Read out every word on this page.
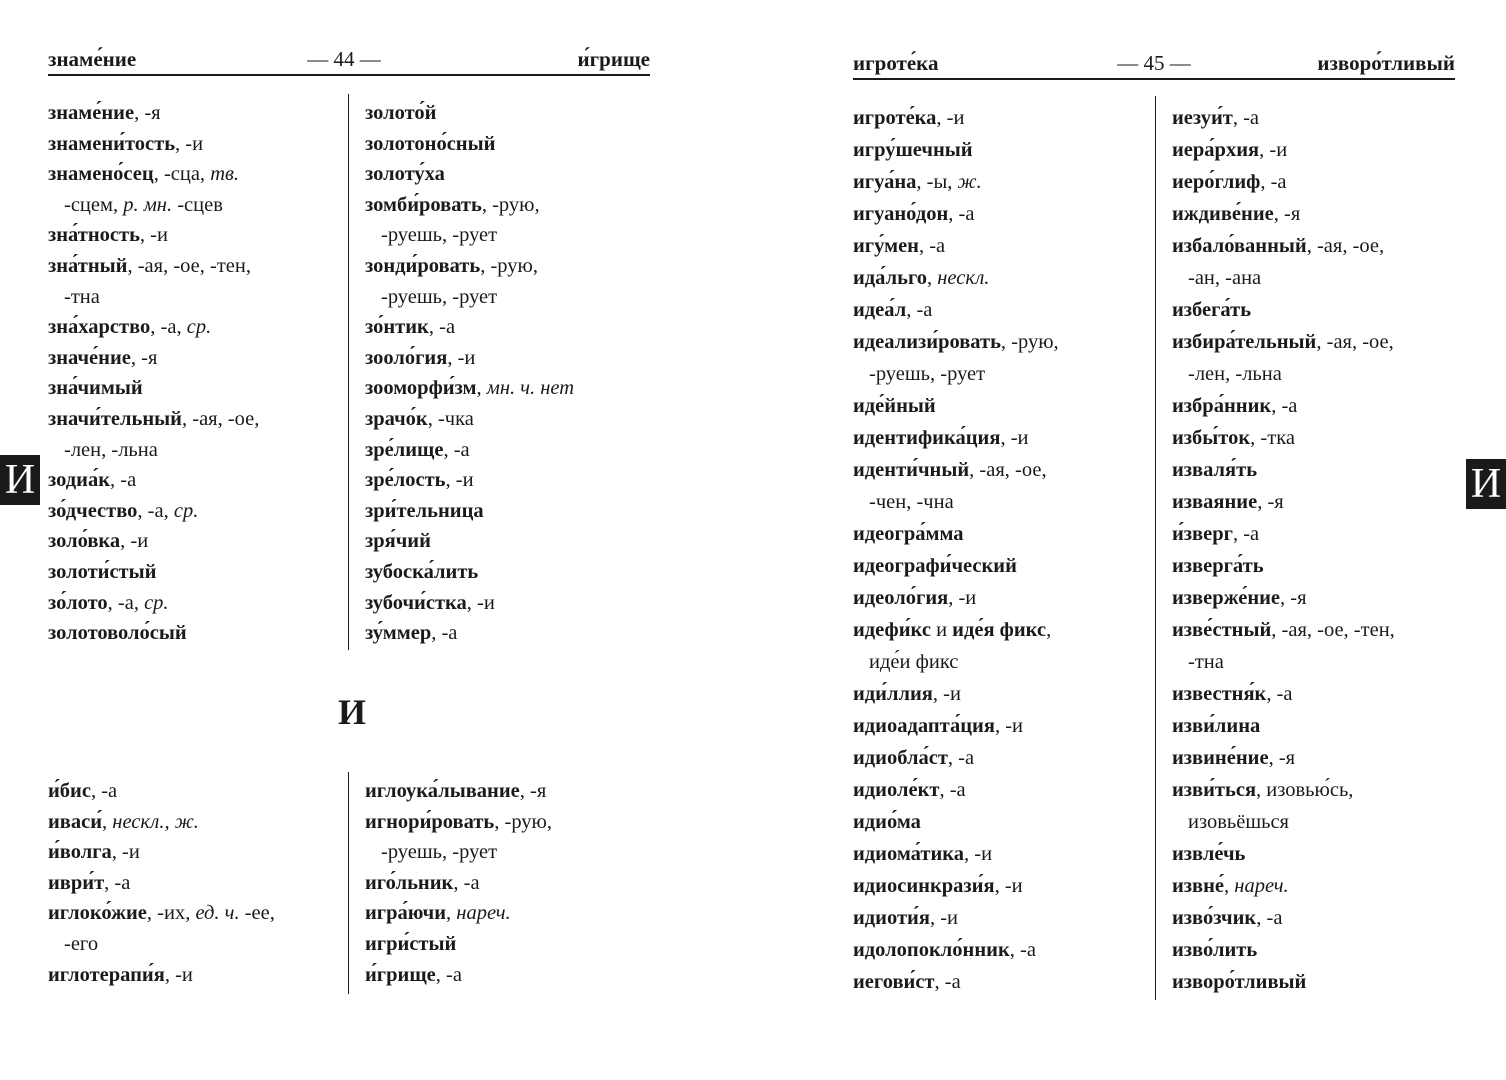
знаме́ние	— 44 —	и́грище
знаме́ние, -я
знамени́тость, -и
знамено́сец, -сца, тв.
-сцем, р. мн. -сцев
зна́тность, -и
зна́тный, -ая, -ое, -тен,
-тна
зна́харство, -а, ср.
значе́ние, -я
зна́чимый
значи́тельный, -ая, -ое,
-лен, -льна
зодиа́к, -а
зо́дчество, -а, ср.
золо́вка, -и
золоти́стый
зо́лото, -а, ср.
золотоволо́сый
золото́й
золотоно́сный
золоту́ха
зомби́ровать, -рую,
-руешь, -рует
зонди́ровать, -рую,
-руешь, -рует
зо́нтик, -а
зооло́гия, -и
зооморфи́зм, мн. ч. нет
зрачо́к, -чка
зре́лище, -а
зре́лость, -и
зри́тельница
зря́чий
зубоска́лить
зубочи́стка, -и
зу́ммер, -а
И
и́бис, -а
иваси́, нескл., ж.
и́волга, -и
иври́т, -а
иглоко́жие, -их, ед. ч. -ее,
-его
иглотерапи́я, -и
иглоука́лывание, -я
игнори́ровать, -рую,
-руешь, -рует
иго́льник, -а
игра́ючи, нареч.
игри́стый
и́грище, -а
И
игроте́ка	— 45 —	изворо́тливый
игроте́ка, -и
игру́шечный
игуа́на, -ы, ж.
игуано́дон, -а
игу́мен, -а
ида́льго, нескл.
идеа́л, -а
идеализи́ровать, -рую,
-руешь, -рует
иде́йный
идентифика́ция, -и
иденти́чный, -ая, -ое,
-чен, -чна
идеогра́мма
идеографи́ческий
идеоло́гия, -и
идефи́кс и иде́я фикс,
иде́и фикс
иди́ллия, -и
идиоадапта́ция, -и
идиобла́ст, -а
идиоле́кт, -а
идио́ма
идиома́тика, -и
идиосинкрази́я, -и
идиоти́я, -и
идолопокло́нник, -а
иегови́ст, -а
иезуи́т, -а
иера́рхия, -и
иеро́глиф, -а
иждиве́ние, -я
избало́ванный, -ая, -ое,
-ан, -ана
избега́ть
избира́тельный, -ая, -ое,
-лен, -льна
избра́нник, -а
избы́ток, -тка
изваля́ть
изваяние, -я
и́зверг, -а
изверга́ть
изверже́ние, -я
изве́стный, -ая, -ое, -тен,
-тна
известня́к, -а
изви́лина
извине́ние, -я
изви́ться, изовью́сь,
изовьёшься
извле́чь
извне́, нареч.
изво́зчик, -а
изво́лить
изворо́тливый
И
